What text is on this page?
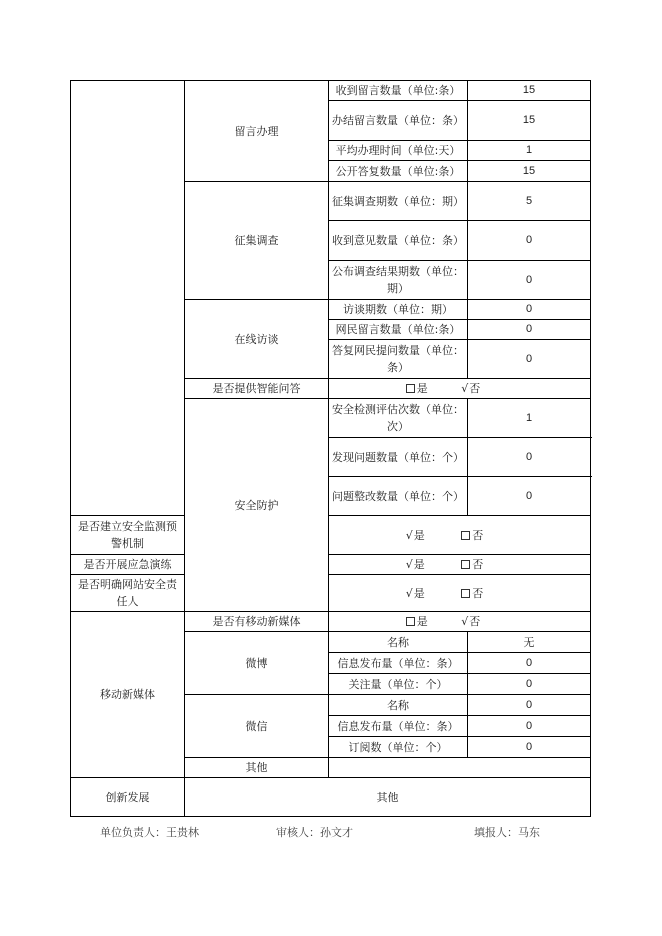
	留言办理	收到留言数量（单位:条）	15
		办结留言数量（单位：条）	15
		平均办理时间（单位:天）	1
		公开答复数量（单位:条）	15
	征集调查	征集调查期数（单位：期）	5
		收到意见数量（单位：条）	0
		公布调查结果期数（单位：期）	0
	在线访谈	访谈期数（单位：期）	0
		网民留言数量（单位:条）	0
		答复网民提问数量（单位：条）	0
	是否提供智能问答	是 √否	
	安全防护	安全检测评估次数（单位：次）	1
		发现问题数量（单位：个）	0
		问题整改数量（单位：个）	0
是否建立安全监测预警机制		√是 否	
是否开展应急演练		√是 否	
是否明确网站安全责任人		√是 否	
移动新媒体	是否有移动新媒体	是 √否	
	微博	名称	无
		信息发布量（单位：条）	0
		关注量（单位：个）	0
	微信	名称	0
		信息发布量（单位：条）	0
		订阅数（单位：个）	0
	其他		
创新发展	其他		
单位负责人：王贵林	审核人：孙文才	填报人：马东
